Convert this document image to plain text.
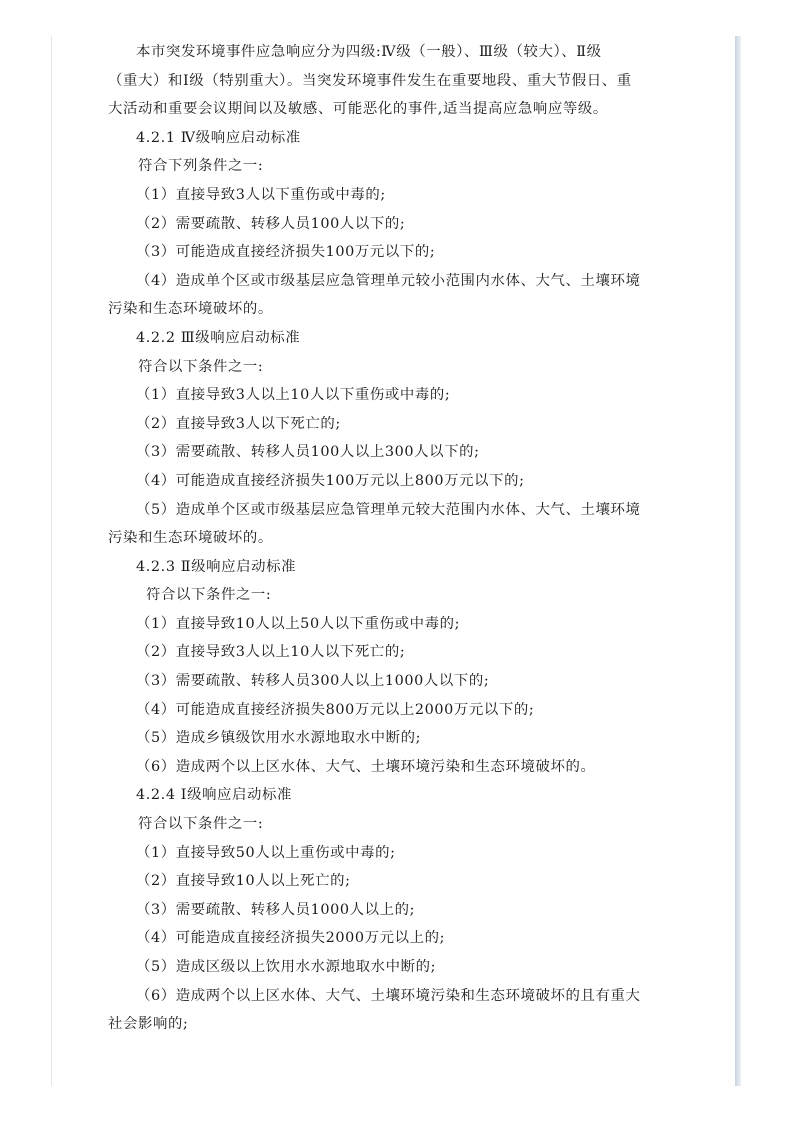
本市突发环境事件应急响应分为四级:Ⅳ级（一般）、Ⅲ级（较大）、Ⅱ级
（重大）和Ⅰ级（特别重大）。当突发环境事件发生在重要地段、重大节假日、重
大活动和重要会议期间以及敏感、可能恶化的事件,适当提高应急响应等级。
4.2.1 Ⅳ级响应启动标准
符合下列条件之一:
（1）直接导致3人以下重伤或中毒的;
（2）需要疏散、转移人员100人以下的;
（3）可能造成直接经济损失100万元以下的;
（4）造成单个区或市级基层应急管理单元较小范围内水体、大气、土壤环境
污染和生态环境破坏的。
4.2.2 Ⅲ级响应启动标准
符合以下条件之一:
（1）直接导致3人以上10人以下重伤或中毒的;
（2）直接导致3人以下死亡的;
（3）需要疏散、转移人员100人以上300人以下的;
（4）可能造成直接经济损失100万元以上800万元以下的;
（5）造成单个区或市级基层应急管理单元较大范围内水体、大气、土壤环境
污染和生态环境破坏的。
4.2.3 Ⅱ级响应启动标准
符合以下条件之一:
（1）直接导致10人以上50人以下重伤或中毒的;
（2）直接导致3人以上10人以下死亡的;
（3）需要疏散、转移人员300人以上1000人以下的;
（4）可能造成直接经济损失800万元以上2000万元以下的;
（5）造成乡镇级饮用水水源地取水中断的;
（6）造成两个以上区水体、大气、土壤环境污染和生态环境破坏的。
4.2.4 Ⅰ级响应启动标准
符合以下条件之一:
（1）直接导致50人以上重伤或中毒的;
（2）直接导致10人以上死亡的;
（3）需要疏散、转移人员1000人以上的;
（4）可能造成直接经济损失2000万元以上的;
（5）造成区级以上饮用水水源地取水中断的;
（6）造成两个以上区水体、大气、土壤环境污染和生态环境破坏的且有重大
社会影响的;
